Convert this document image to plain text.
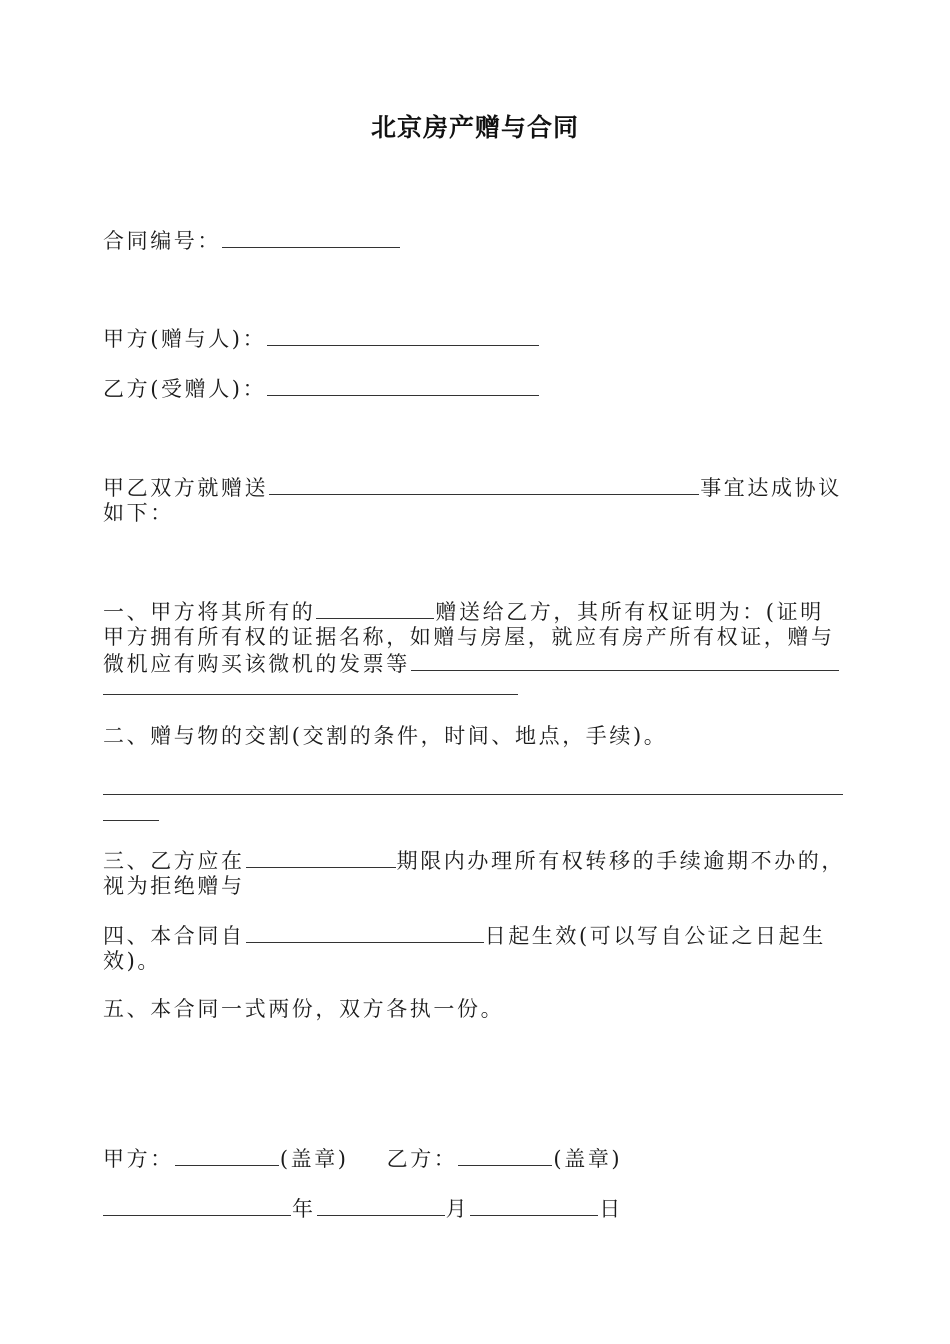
北京房产赠与合同
合同编号：
甲方(赠与人)：
乙方(受赠人)：
甲乙双方就赠送	事宜达成协议
如下：
一、甲方将其所有的	赠送给乙方，其所有权证明为：(证明
甲方拥有所有权的证据名称，如赠与房屋，就应有房产所有权证，赠与
微机应有购买该微机的发票等
二、赠与物的交割(交割的条件，时间、地点，手续)。
三、乙方应在	期限内办理所有权转移的手续逾期不办的，
视为拒绝赠与
四、本合同自	日起生效(可以写自公证之日起生
效)。
五、本合同一式两份，双方各执一份。
甲方：	(盖章) 乙方：	(盖章)
年	月	日
